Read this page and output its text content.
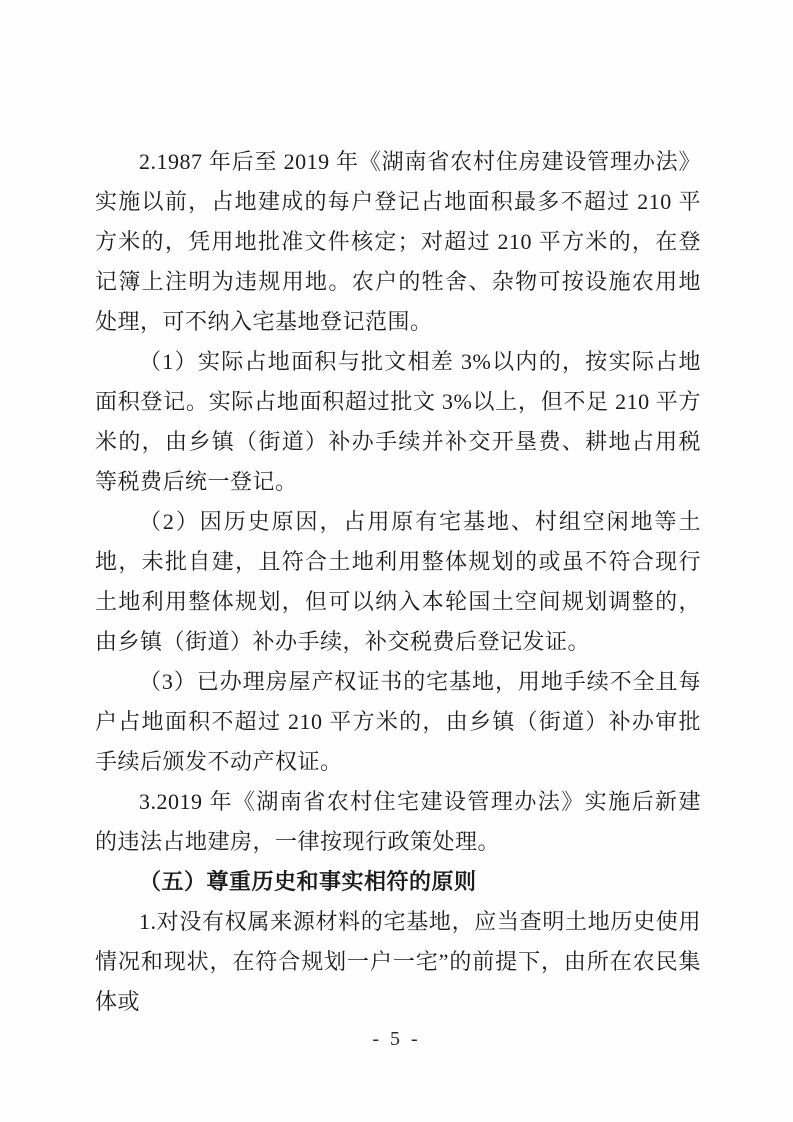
2.1987 年后至 2019 年《湖南省农村住房建设管理办法》实施以前，占地建成的每户登记占地面积最多不超过 210 平方米的，凭用地批准文件核定；对超过 210 平方米的，在登记簿上注明为违规用地。农户的牲舍、杂物可按设施农用地处理，可不纳入宅基地登记范围。

（1）实际占地面积与批文相差 3%以内的，按实际占地面积登记。实际占地面积超过批文 3%以上，但不足 210 平方米的，由乡镇（街道）补办手续并补交开垦费、耕地占用税等税费后统一登记。

（2）因历史原因，占用原有宅基地、村组空闲地等土地，未批自建，且符合土地利用整体规划的或虽不符合现行土地利用整体规划，但可以纳入本轮国土空间规划调整的，由乡镇（街道）补办手续，补交税费后登记发证。

（3）已办理房屋产权证书的宅基地，用地手续不全且每户占地面积不超过 210 平方米的，由乡镇（街道）补办审批手续后颁发不动产权证。

3.2019 年《湖南省农村住宅建设管理办法》实施后新建的违法占地建房，一律按现行政策处理。

（五）尊重历史和事实相符的原则

1.对没有权属来源材料的宅基地，应当查明土地历史使用情况和现状，在符合规划一户一宅”的前提下，由所在农民集体或

- 5 -
